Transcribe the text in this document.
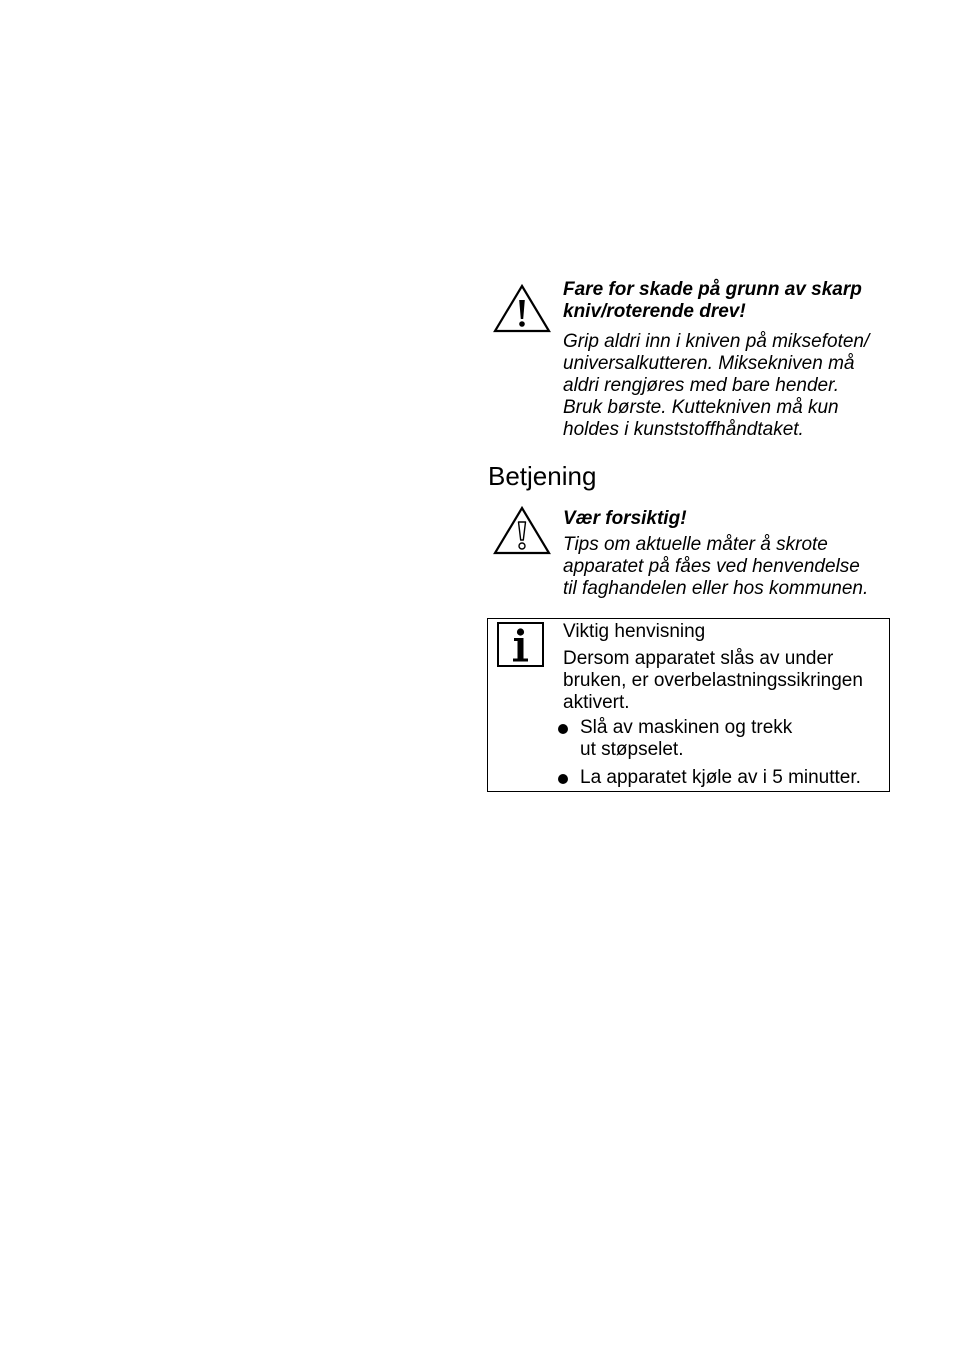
Fare for skade på grunn av skarp
kniv/roterende drev!
Grip aldri inn i kniven på miksefoten/
universalkutteren. Miksekniven må
aldri rengjøres med bare hender.
Bruk børste. Kuttekniven må kun
holdes i kunststoffhåndtaket.
Betjening
Vær forsiktig!
Tips om aktuelle måter å skrote
apparatet på fåes ved henvendelse
til faghandelen eller hos kommunen.
Viktig henvisning
Dersom apparatet slås av under
bruken, er overbelastningssikringen
aktivert.
Slå av maskinen og trekk
ut støpselet.
La apparatet kjøle av i 5 minutter.
